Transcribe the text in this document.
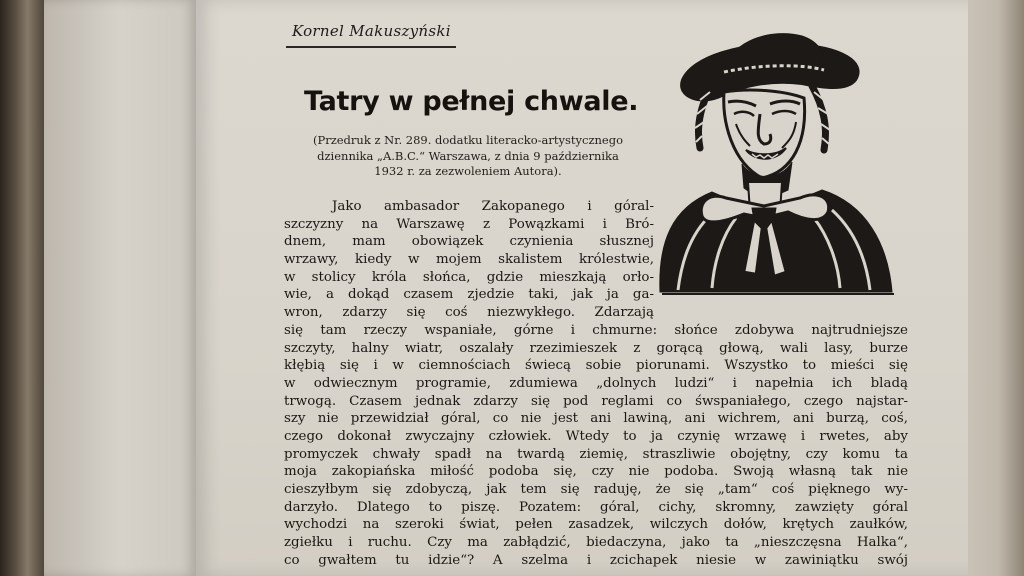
Kornel Makuszyński
Tatry w pełnej chwale.
(Przedruk z Nr. 289. dodatku literacko-artystycznego
dziennika „A.B.C.“ Warszawa, z dnia 9 października
1932 r. za zezwoleniem Autora).
Jako ambasador Zakopanego i góral-
szczyzny na Warszawę z Powązkami i Bró-
dnem, mam obowiązek czynienia słusznej
wrzawy, kiedy w mojem skalistem królestwie,
w stolicy króla słońca, gdzie mieszkają orło-
wie, a dokąd czasem zjedzie taki, jak ja ga-
wron, zdarzy się coś niezwykłego. Zdarzają
się tam rzeczy wspaniałe, górne i chmurne: słońce zdobywa najtrudniejsze
szczyty, halny wiatr, oszalały rzezimieszek z gorącą głową, wali lasy, burze
kłębią się i w ciemnościach świecą sobie piorunami. Wszystko to mieści się
w odwiecznym programie, zdumiewa „dolnych ludzi“ i napełnia ich bladą
trwogą. Czasem jednak zdarzy się pod reglami co śwspaniałego, czego najstar-
szy nie przewidział góral, co nie jest ani lawiną, ani wichrem, ani burzą, coś,
czego dokonał zwyczajny człowiek. Wtedy to ja czynię wrzawę i rwetes, aby
promyczek chwały spadł na twardą ziemię, straszliwie obojętny, czy komu ta
moja zakopiańska miłość podoba się, czy nie podoba. Swoją własną tak nie
cieszyłbym się zdobyczą, jak tem się raduję, że się „tam“ coś pięknego wy-
darzyło. Dlatego to piszę. Pozatem: góral, cichy, skromny, zawzięty góral
wychodzi na szeroki świat, pełen zasadzek, wilczych dołów, krętych zaułków,
zgiełku i ruchu. Czy ma zabłądzić, biedaczyna, jako ta „nieszczęsna Halka“,
co gwałtem tu idzie“? A szelma i zcichapek niesie w zawiniątku swój
